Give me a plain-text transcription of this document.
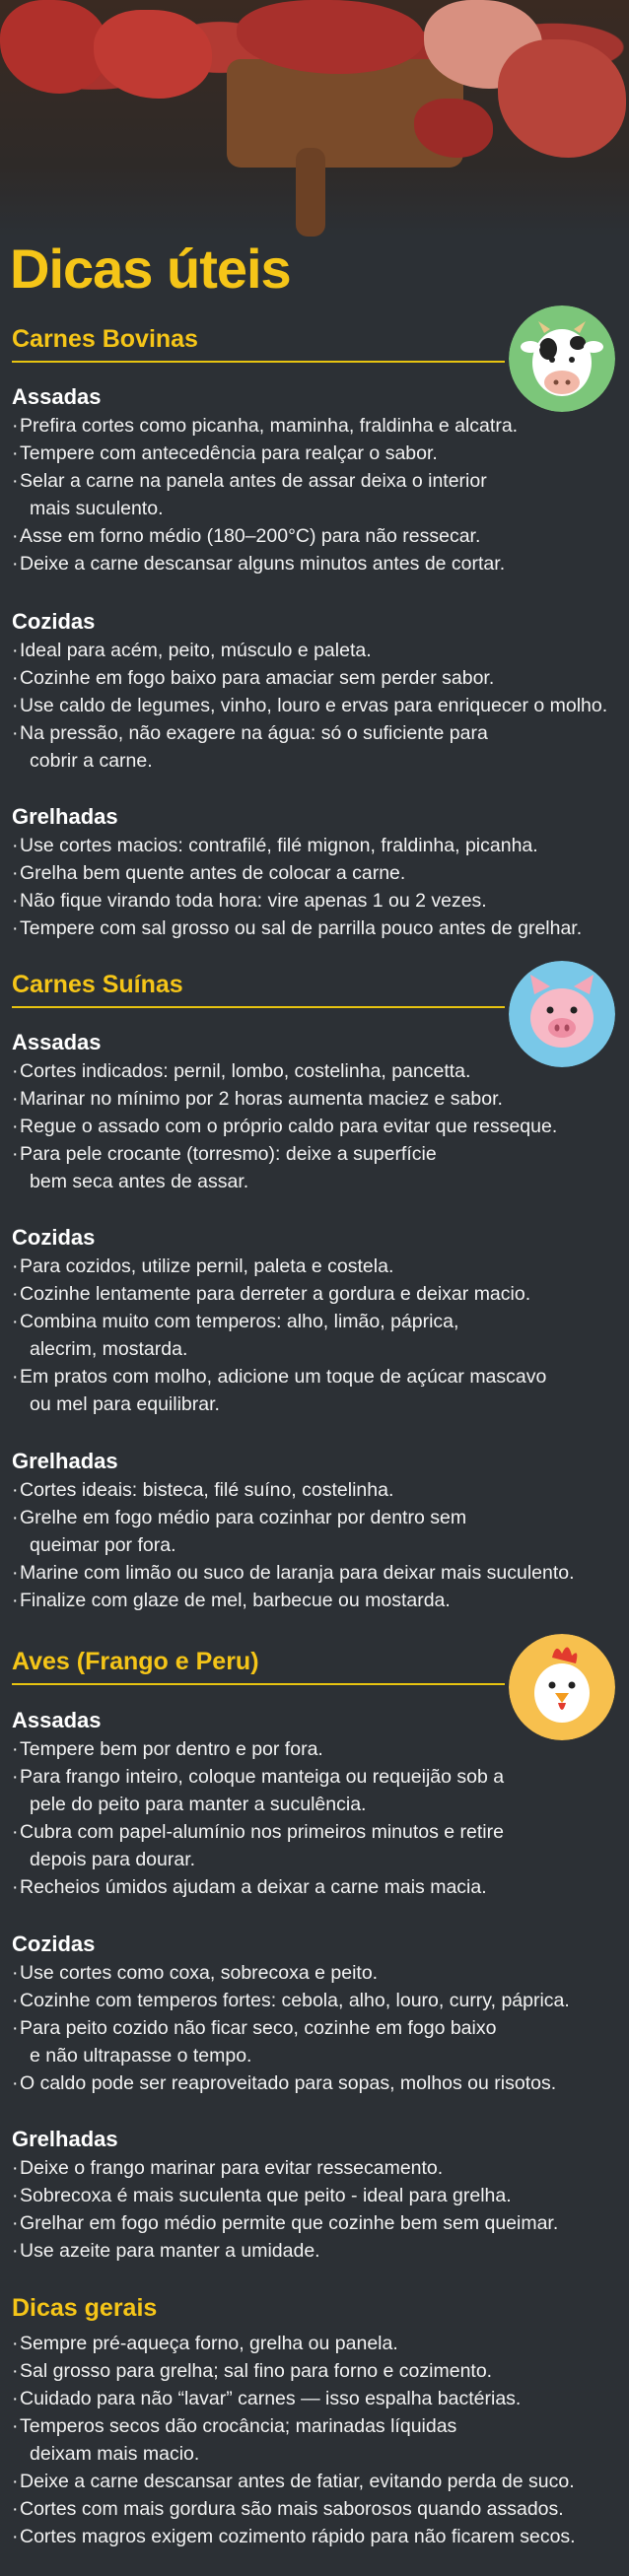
Dicas úteis
Carnes Bovinas
Assadas
· Prefira cortes como picanha, maminha, fraldinha e alcatra.
· Tempere com antecedência para realçar o sabor.
· Selar a carne na panela antes de assar deixa o interior
mais suculento.
· Asse em forno médio (180–200°C) para não ressecar.
· Deixe a carne descansar alguns minutos antes de cortar.
Cozidas
· Ideal para acém, peito, músculo e paleta.
· Cozinhe em fogo baixo para amaciar sem perder sabor.
· Use caldo de legumes, vinho, louro e ervas para enriquecer o molho.
· Na pressão, não exagere na água: só o suficiente para
cobrir a carne.
Grelhadas
· Use cortes macios: contrafilé, filé mignon, fraldinha, picanha.
· Grelha bem quente antes de colocar a carne.
· Não fique virando toda hora: vire apenas 1 ou 2 vezes.
· Tempere com sal grosso ou sal de parrilla pouco antes de grelhar.
Carnes Suínas
Assadas
· Cortes indicados: pernil, lombo, costelinha, pancetta.
· Marinar no mínimo por 2 horas aumenta maciez e sabor.
· Regue o assado com o próprio caldo para evitar que resseque.
· Para pele crocante (torresmo): deixe a superfície
bem seca antes de assar.
Cozidas
· Para cozidos, utilize pernil, paleta e costela.
· Cozinhe lentamente para derreter a gordura e deixar macio.
· Combina muito com temperos: alho, limão, páprica,
alecrim, mostarda.
· Em pratos com molho, adicione um toque de açúcar mascavo
ou mel para equilibrar.
Grelhadas
· Cortes ideais: bisteca, filé suíno, costelinha.
· Grelhe em fogo médio para cozinhar por dentro sem
queimar por fora.
· Marine com limão ou suco de laranja para deixar mais suculento.
· Finalize com glaze de mel, barbecue ou mostarda.
Aves (Frango e Peru)
Assadas
· Tempere bem por dentro e por fora.
· Para frango inteiro, coloque manteiga ou requeijão sob a
pele do peito para manter a suculência.
· Cubra com papel-alumínio nos primeiros minutos e retire
depois para dourar.
· Recheios úmidos ajudam a deixar a carne mais macia.
Cozidas
· Use cortes como coxa, sobrecoxa e peito.
· Cozinhe com temperos fortes: cebola, alho, louro, curry, páprica.
· Para peito cozido não ficar seco, cozinhe em fogo baixo
e não ultrapasse o tempo.
· O caldo pode ser reaproveitado para sopas, molhos ou risotos.
Grelhadas
· Deixe o frango marinar para evitar ressecamento.
· Sobrecoxa é mais suculenta que peito - ideal para grelha.
· Grelhar em fogo médio permite que cozinhe bem sem queimar.
· Use azeite para manter a umidade.
Dicas gerais
· Sempre pré-aqueça forno, grelha ou panela.
· Sal grosso para grelha; sal fino para forno e cozimento.
· Cuidado para não “lavar” carnes — isso espalha bactérias.
· Temperos secos dão crocância; marinadas líquidas
deixam mais macio.
· Deixe a carne descansar antes de fatiar, evitando perda de suco.
· Cortes com mais gordura são mais saborosos quando assados.
· Cortes magros exigem cozimento rápido para não ficarem secos.
